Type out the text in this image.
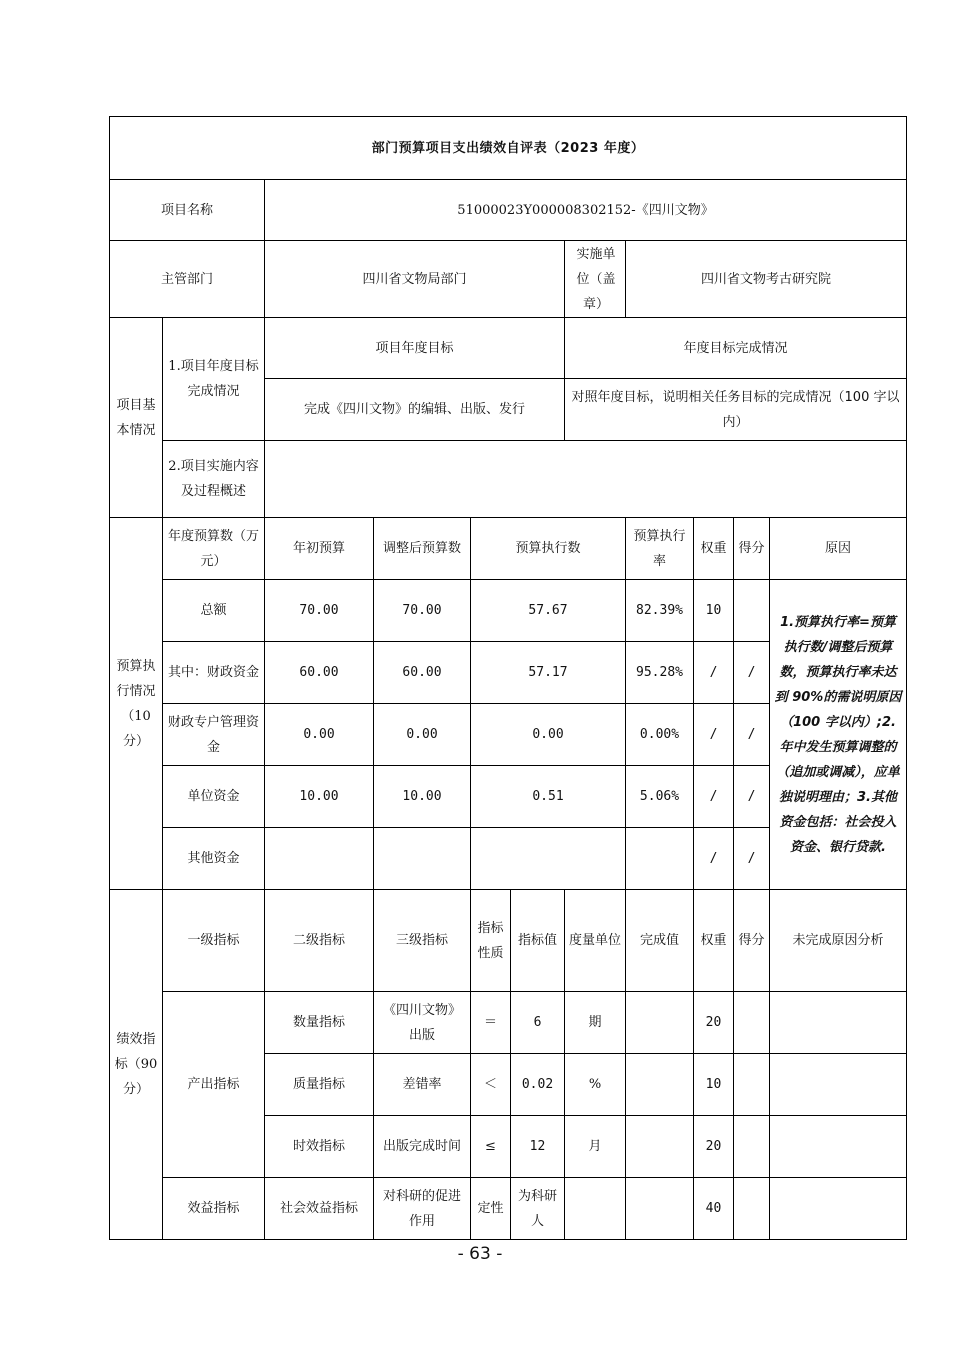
部门预算项目支出绩效自评表（2023 年度）										
项目名称		51000023Y000008302152-《四川文物》								
主管部门		四川省文物局部门				实施单位（盖章）	四川省文物考古研究院			
项目基本情况	1.项目年度目标完成情况	项目年度目标				年度目标完成情况				
		完成《四川文物》的编辑、出版、发行				对照年度目标，说明相关任务目标的完成情况（100 字以内）				
	2.项目实施内容及过程概述									
预算执行情况（10分）	年度预算数（万元）	年初预算	调整后预算数	预算执行数			预算执行率	权重	得分	原因
	总额	70.00	70.00	57.67			82.39%	10		1.预算执行率=预算执行数/调整后预算数，预算执行率未达到 90%的需说明原因（100 字以内）;2.年中发生预算调整的（追加或调减），应单独说明理由；3.其他资金包括：社会投入资金、银行贷款.
	其中：财政资金	60.00	60.00	57.17			95.28%	/	/	
	财政专户管理资金	0.00	0.00	0.00			0.00%	/	/	
	单位资金	10.00	10.00	0.51			5.06%	/	/	
	其他资金							/	/	
绩效指标（90分）	一级指标	二级指标	三级指标	指标性质	指标值	度量单位	完成值	权重	得分	未完成原因分析
	产出指标	数量指标	《四川文物》出版	＝	6	期		20		
		质量指标	差错率	＜	0.02	%		10		
		时效指标	出版完成时间	≤	12	月		20		
	效益指标	社会效益指标	对科研的促进作用	定性	为科研人			40		
- 63 -
